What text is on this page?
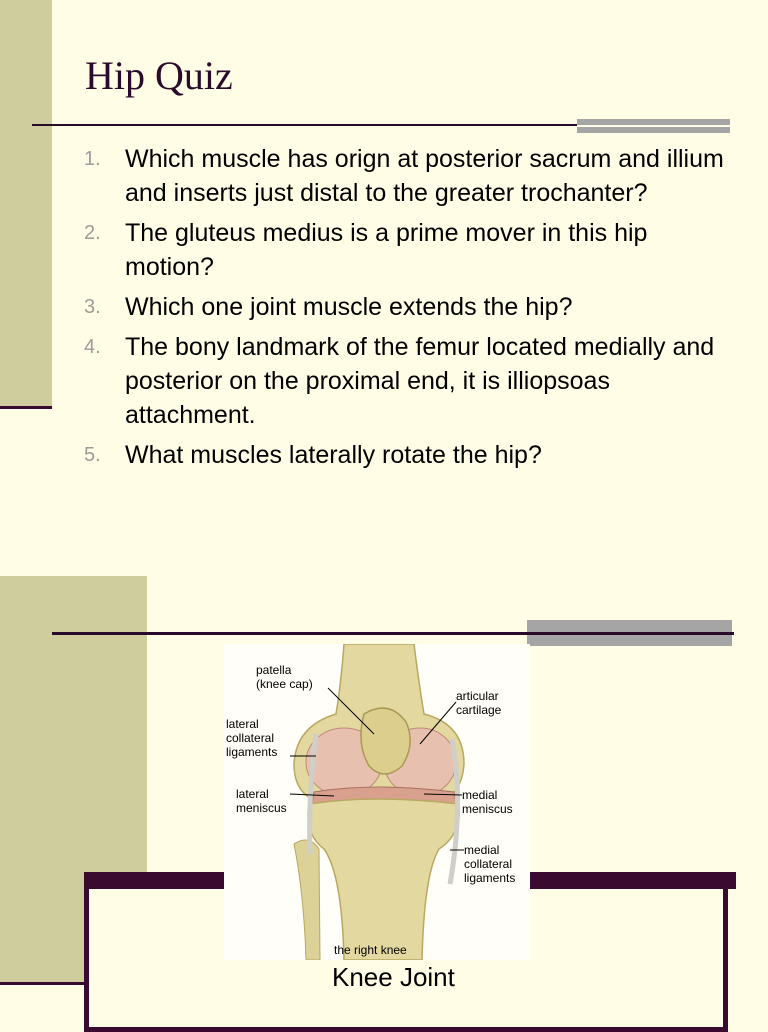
Hip Quiz
1. Which muscle has orign at posterior sacrum and illium and inserts just distal to the greater trochanter?
2. The gluteus medius is a prime mover in this hip motion?
3. Which one joint muscle extends the hip?
4. The bony landmark of the femur located medially and posterior on the proximal end, it is illiopsoas attachment.
5. What muscles laterally rotate the hip?
patella
(knee cap)
articular
cartilage
lateral
collateral
ligaments
lateral
meniscus
medial
meniscus
medial
collateral
ligaments
the right knee
Knee Joint
